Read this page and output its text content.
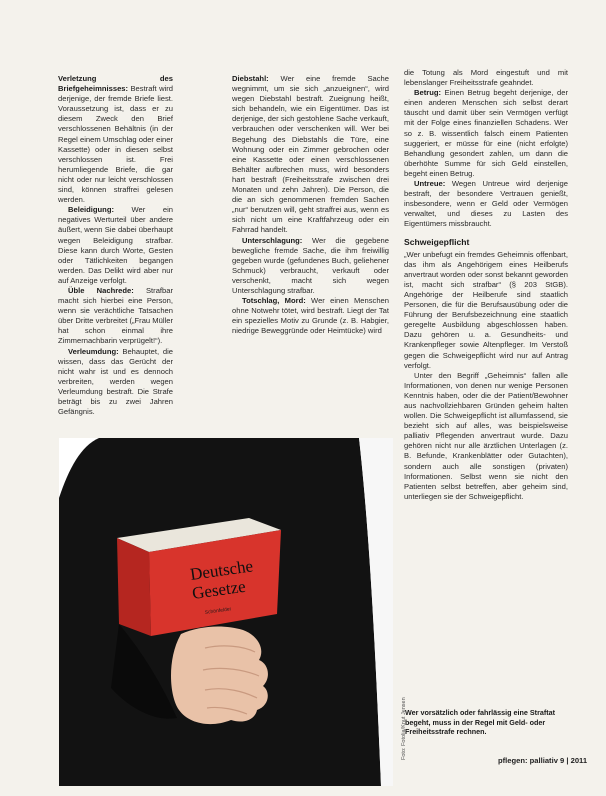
Verletzung des Briefgeheimnisses: Bestraft wird derjenige, der fremde Briefe liest. Voraussetzung ist, dass er zu diesem Zweck den Brief verschlossenen Behältnis (in der Regel einem Umschlag oder einer Kassette) oder in diesen selbst verschlossen ist. Frei herumliegende Briefe, die gar nicht oder nur leicht verschlossen sind, können straffrei gelesen werden.

Beleidigung: Wer ein negatives Werturteil über andere äußert, wenn Sie dabei überhaupt wegen Beleidigung strafbar. Diese kann durch Worte, Gesten oder Tätlichkeiten begangen werden. Das Delikt wird aber nur auf Anzeige verfolgt.

Üble Nachrede: Strafbar macht sich hierbei eine Person, wenn sie verächtliche Tatsachen über Dritte verbreitet („Frau Müller hat schon einmal ihre Zimmernachbarin verprügelt!“).

Verleumdung: Behauptet, die wissen, dass das Gerücht der nicht wahr ist und es dennoch verbreiten, werden wegen Verleumdung bestraft. Die Strafe beträgt bis zu zwei Jahren Gefängnis.

Diebstahl: Wer eine fremde Sache wegnimmt, um sie sich „anzueignen“, wird wegen Diebstahl bestraft. Zueignung heißt, sich behandeln, wie ein Eigentümer. Das ist derjenige, der sich gestohlene Sache verkauft, verbrauchen oder verschenken will. Wer bei Begehung des Diebstahls die Türe, eine Wohnung oder ein Zimmer gebrochen oder eine Kassette oder einen verschlossenen Behälter aufbrechen muss, wird besonders hart bestraft (Freiheitsstrafe zwischen drei Monaten und zehn Jahren). Die Person, die die an sich genommenen fremden Sachen „nur“ benutzen will, geht straffrei aus, wenn es sich nicht um eine Kraftfahrzeug oder ein Fahrrad handelt.

Unterschlagung: Wer die gegebene bewegliche fremde Sache, die ihm freiwillig gegeben wurde (gefundenes Buch, geliehener Schmuck) verbraucht, verkauft oder verschenkt, macht sich wegen Unterschlagung strafbar.

Totschlag, Mord: Wer einen Menschen ohne Notwehr tötet, wird bestraft. Liegt der Tat ein spezielles Motiv zu Grunde (z. B. Habgier, niedrige Beweggründe oder Heimtücke) wird

die Totung als Mord eingestuft und mit lebenslanger Freiheitsstrafe geahndet.

Betrug: Einen Betrug begeht derjenige, der einen anderen Menschen sich selbst derart täuscht und damit über sein Vermögen verfügt mit der Folge eines finanziellen Schadens. Wer so z. B. wissentlich falsch einem Patienten suggeriert, er müsse für eine (nicht erfolgte) Behandlung gesondert zahlen, um dann die überhöhte Summe für sich Geld einstellen, begeht einen Betrug.

Untreue: Wegen Untreue wird derjenige bestraft, der besondere Vertrauen genießt, insbesondere, wenn er Geld oder Vermögen verwaltet, und dieses zu Lasten des Eigentümers missbraucht.

Schweigepflicht

„Wer unbefugt ein fremdes Geheimnis offenbart, das ihm als Angehörigem eines Heilberufs anvertraut worden oder sonst bekannt geworden ist, macht sich strafbar“ (§ 203 StGB). Angehörige der Heilberufe sind staatlich Personen, die für die Berufsausübung oder die Führung der Berufsbezeichnung eine staatlich geregelte Ausbildung abgeschlossen haben. Dazu gehören u. a. Gesundheits- und Krankenpfleger sowie Altenpfleger. Im Verstoß gegen die Schweigepflicht wird nur auf Antrag verfolgt.

Unter den Begriff „Geheimnis“ fallen alle Informationen, von denen nur wenige Personen Kenntnis haben, oder die der Patient/Bewohner aus nachvollziehbaren Gründen geheim halten wollen. Die Schweigepflicht ist allumfassend, sie bezieht sich auf alles, was beispielsweise palliativ Pflegenden anvertraut wurde. Dazu gehören nicht nur alle ärztlichen Unterlagen (z. B. Befunde, Krankenblätter oder Gutachten), sondern auch alle sonstigen (privaten) Informationen. Selbst wenn sie nicht den Patienten selbst betreffen, aber geheim sind, unterliegen sie der Schweigepflicht.

Deutsche
Gesetze
Schönfelder
Foto: Fotolia/Knut Jensen
Wer vorsätzlich oder fahrlässig eine Straftat begeht, muss in der Regel mit Geld- oder Freiheitsstrafe rechnen.
pflegen: palliativ 9 | 2011
